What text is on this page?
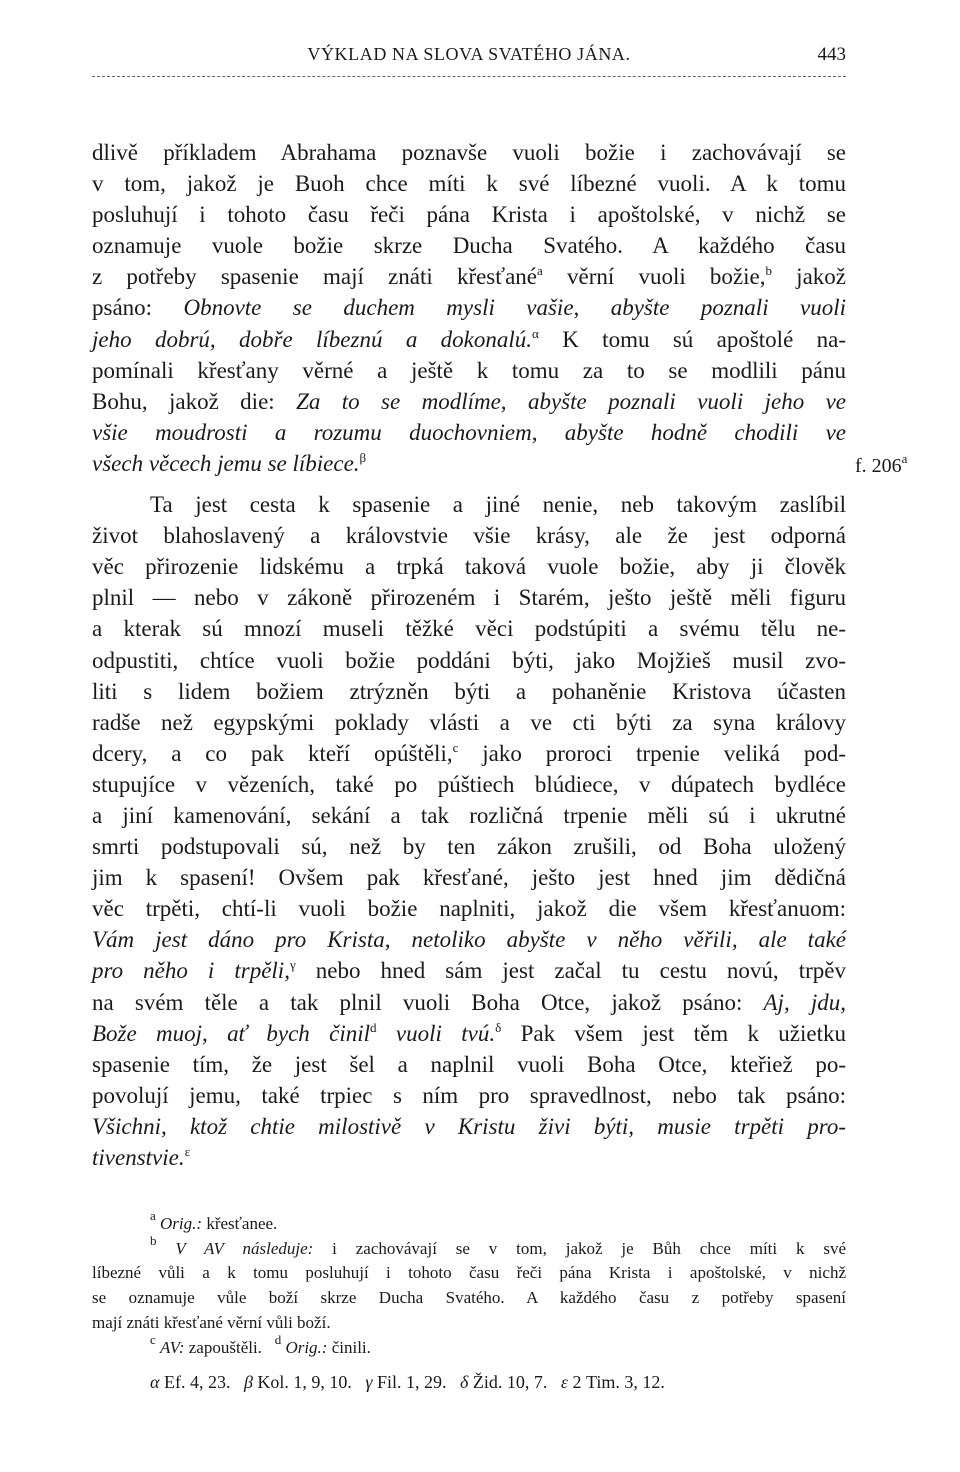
VÝKLAD NA SLOVA SVATÉHO JÁNA.	443
f. 206$^a$
dlivě příkladem Abrahama poznavše vuoli božie i zachovávají se
v tom, jakož je Buoh chce míti k své líbezné vuoli. A k tomu
posluhují i tohoto času řeči pána Krista i apoštolské, v nichž se
oznamuje vuole božie skrze Ducha Svatého. A každého času
z potřeby spasenie mají znáti křesťané$^a$ věrní vuoli božie,$^b$ jakož
psáno: Obnovte se duchem mysli vašie, abyšte poznali vuoli
jeho dobrú, dobře líbeznú a dokonalú.$^\alpha$ K tomu sú apoštolé na-
pomínali křesťany věrné a ještě k tomu za to se modlili pánu
Bohu, jakož die: Za to se modlíme, abyšte poznali vuoli jeho ve
všie moudrosti a rozumu duochovniem, abyšte hodně chodili ve
všech věcech jemu se líbiece.$^\beta$
Ta jest cesta k spasenie a jiné nenie, neb takovým zaslíbil
život blahoslavený a královstvie všie krásy, ale že jest odporná
věc přirozenie lidskému a trpká taková vuole božie, aby ji člověk
plnil — nebo v zákoně přirozeném i Starém, ješto ještě měli figuru
a kterak sú mnozí museli těžké věci podstúpiti a svému tělu ne-
odpustiti, chtíce vuoli božie poddáni býti, jako Mojžieš musil zvo-
liti s lidem božiem ztrýzněn býti a pohaněnie Kristova účasten
radše než egypskými poklady vlásti a ve cti býti za syna královy
dcery, a co pak kteří opúštěli,$^c$ jako proroci trpenie veliká pod-
stupujíce v vězeních, také po púštiech blúdiece, v dúpatech bydléce
a jiní kamenování, sekání a tak rozličná trpenie měli sú i ukrutné
smrti podstupovali sú, než by ten zákon zrušili, od Boha uložený
jim k spasení! Ovšem pak křesťané, ješto jest hned jim dědičná
věc trpěti, chtí-li vuoli božie naplniti, jakož die všem křesťanuom:
Vám jest dáno pro Krista, netoliko abyšte v něho věřili, ale také
pro něho i trpěli,$^\gamma$ nebo hned sám jest začal tu cestu novú, trpěv
na svém těle a tak plnil vuoli Boha Otce, jakož psáno: Aj, jdu,
Bože muoj, ať bych činil$^d$ vuoli tvú.$^\delta$ Pak všem jest těm k užietku
spasenie tím, že jest šel a naplnil vuoli Boha Otce, kteřiež po-
povolují jemu, také trpiec s ním pro spravedlnost, nebo tak psáno:
Všichni, ktož chtie milostivě v Kristu živi býti, musie trpěti pro-
tivenstvie.$^\varepsilon$
$^a$ Orig.: křesťanee.
$^b$ V AV následuje: i zachovávají se v tom, jakož je Bůh chce míti k své
líbezné vůli a k tomu posluhují i tohoto času řeči pána Krista i apoštolské, v nichž
se oznamuje vůle boží skrze Ducha Svatého. A každého času z potřeby spasení
mají znáti křesťané věrní vůli boží.
$^c$ AV: zapouštěli. $^d$ Orig.: činili.
α Ef. 4, 23. β Kol. 1, 9, 10. γ Fil. 1, 29. δ Žid. 10, 7. ε 2 Tim. 3, 12.
